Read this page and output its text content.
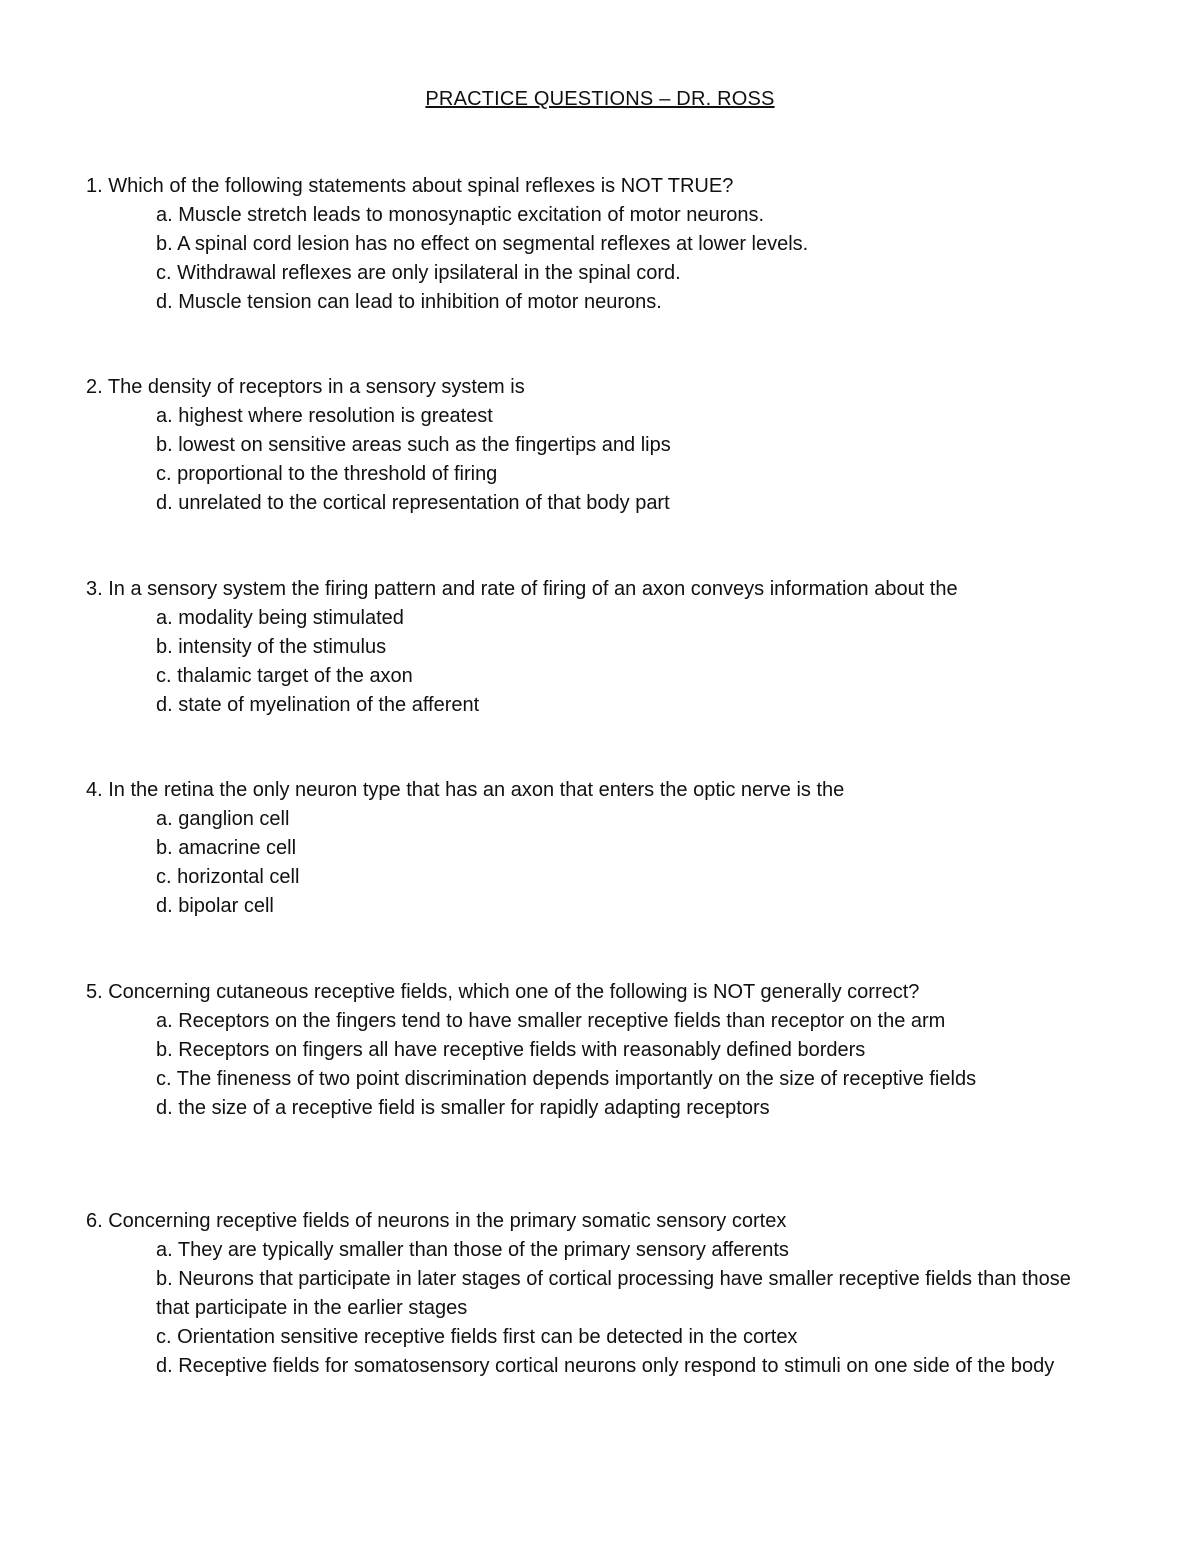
PRACTICE QUESTIONS – DR. ROSS
1. Which of the following statements about spinal reflexes is NOT TRUE?
a. Muscle stretch leads to monosynaptic excitation of motor neurons.
b. A spinal cord lesion has no effect on segmental reflexes at lower levels.
c. Withdrawal reflexes are only ipsilateral in the spinal cord.
d. Muscle tension can lead to inhibition of motor neurons.
2. The density of receptors in a sensory system is
a. highest where resolution is greatest
b. lowest on sensitive areas such as the fingertips and lips
c. proportional to the threshold of firing
d. unrelated to the cortical representation of that body part
3. In a sensory system the firing pattern and rate of firing of an axon conveys information about the
a. modality being stimulated
b. intensity of the stimulus
c. thalamic target of the axon
d. state of myelination of the afferent
4. In the retina the only neuron type that has an axon that enters the optic nerve is the
a. ganglion cell
b. amacrine cell
c. horizontal cell
d. bipolar cell
5. Concerning cutaneous receptive fields, which one of the following is NOT generally correct?
a. Receptors on the fingers tend to have smaller receptive fields than receptor on the arm
b. Receptors on fingers all have receptive fields with reasonably defined borders
c. The fineness of two point discrimination depends importantly on the size of receptive fields
d. the size of a receptive field is smaller for rapidly adapting receptors
6. Concerning receptive fields of neurons in the primary somatic sensory cortex
a. They are typically smaller than those of the primary sensory afferents
b. Neurons that participate in later stages of cortical processing have smaller receptive fields than those that participate in the earlier stages
c. Orientation sensitive receptive fields first can be detected in the cortex
d. Receptive fields for somatosensory cortical neurons only respond to stimuli on one side of the body
